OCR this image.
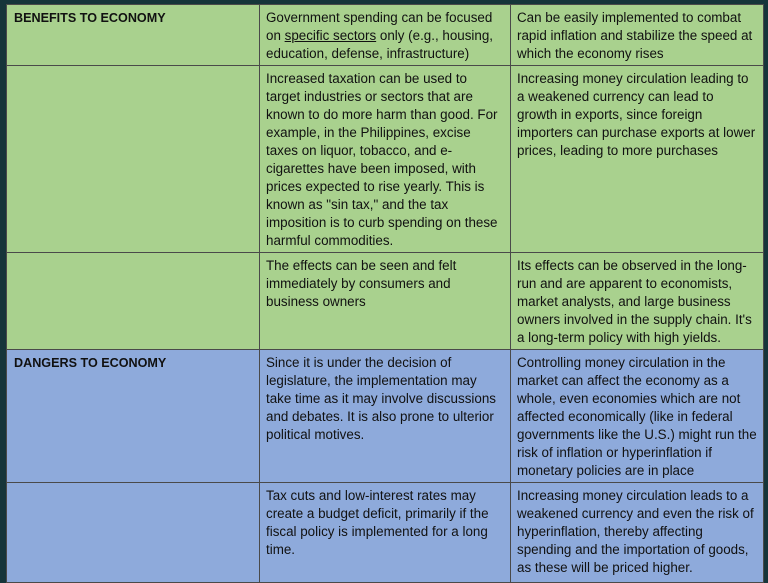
BENEFITS TO ECONOMY	Government spending can be focused on specific sectors only (e.g., housing, education, defense, infrastructure)	Can be easily implemented to combat rapid inflation and stabilize the speed at which the economy rises
	Increased taxation can be used to target industries or sectors that are known to do more harm than good. For example, in the Philippines, excise taxes on liquor, tobacco, and e-cigarettes have been imposed, with prices expected to rise yearly. This is known as "sin tax," and the tax imposition is to curb spending on these harmful commodities.	Increasing money circulation leading to a weakened currency can lead to growth in exports, since foreign importers can purchase exports at lower prices, leading to more purchases
	The effects can be seen and felt immediately by consumers and business owners	Its effects can be observed in the long-run and are apparent to economists, market analysts, and large business owners involved in the supply chain. It's a long-term policy with high yields.
DANGERS TO ECONOMY	Since it is under the decision of legislature, the implementation may take time as it may involve discussions and debates. It is also prone to ulterior political motives.	Controlling money circulation in the market can affect the economy as a whole, even economies which are not affected economically (like in federal governments like the U.S.) might run the risk of inflation or hyperinflation if monetary policies are in place
	Tax cuts and low-interest rates may create a budget deficit, primarily if the fiscal policy is implemented for a long time.	Increasing money circulation leads to a weakened currency and even the risk of hyperinflation, thereby affecting spending and the importation of goods, as these will be priced higher.
